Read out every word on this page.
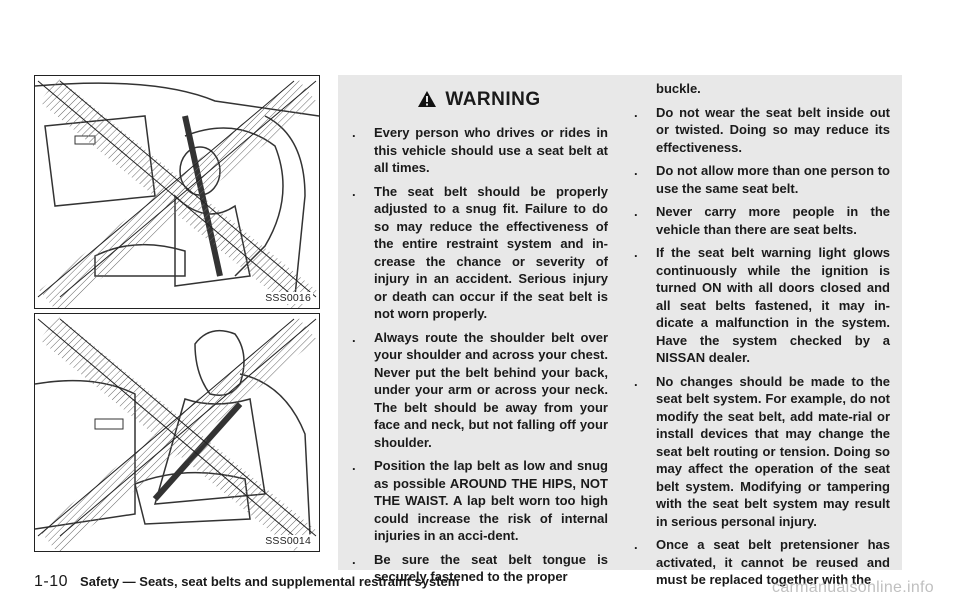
SSS0016
SSS0014
WARNING
. Every person who drives or rides in this vehicle should use a seat belt at all times.
. The seat belt should be properly adjusted to a snug fit. Failure to do so may reduce the effectiveness of the entire restraint system and in-crease the chance or severity of injury in an accident. Serious injury or death can occur if the seat belt is not worn properly.
. Always route the shoulder belt over your shoulder and across your chest. Never put the belt behind your back, under your arm or across your neck. The belt should be away from your face and neck, but not falling off your shoulder.
. Position the lap belt as low and snug as possible AROUND THE HIPS, NOT THE WAIST. A lap belt worn too high could increase the risk of internal injuries in an acci-dent.
. Be sure the seat belt tongue is securely fastened to the proper
buckle.
. Do not wear the seat belt inside out or twisted. Doing so may reduce its effectiveness.
. Do not allow more than one person to use the same seat belt.
. Never carry more people in the vehicle than there are seat belts.
. If the seat belt warning light glows continuously while the ignition is turned ON with all doors closed and all seat belts fastened, it may in-dicate a malfunction in the system. Have the system checked by a NISSAN dealer.
. No changes should be made to the seat belt system. For example, do not modify the seat belt, add mate-rial or install devices that may change the seat belt routing or tension. Doing so may affect the operation of the seat belt system. Modifying or tampering with the seat belt system may result in serious personal injury.
. Once a seat belt pretensioner has activated, it cannot be reused and must be replaced together with the
1-10 Safety — Seats, seat belts and supplemental restraint system	carmanualsonline.info
